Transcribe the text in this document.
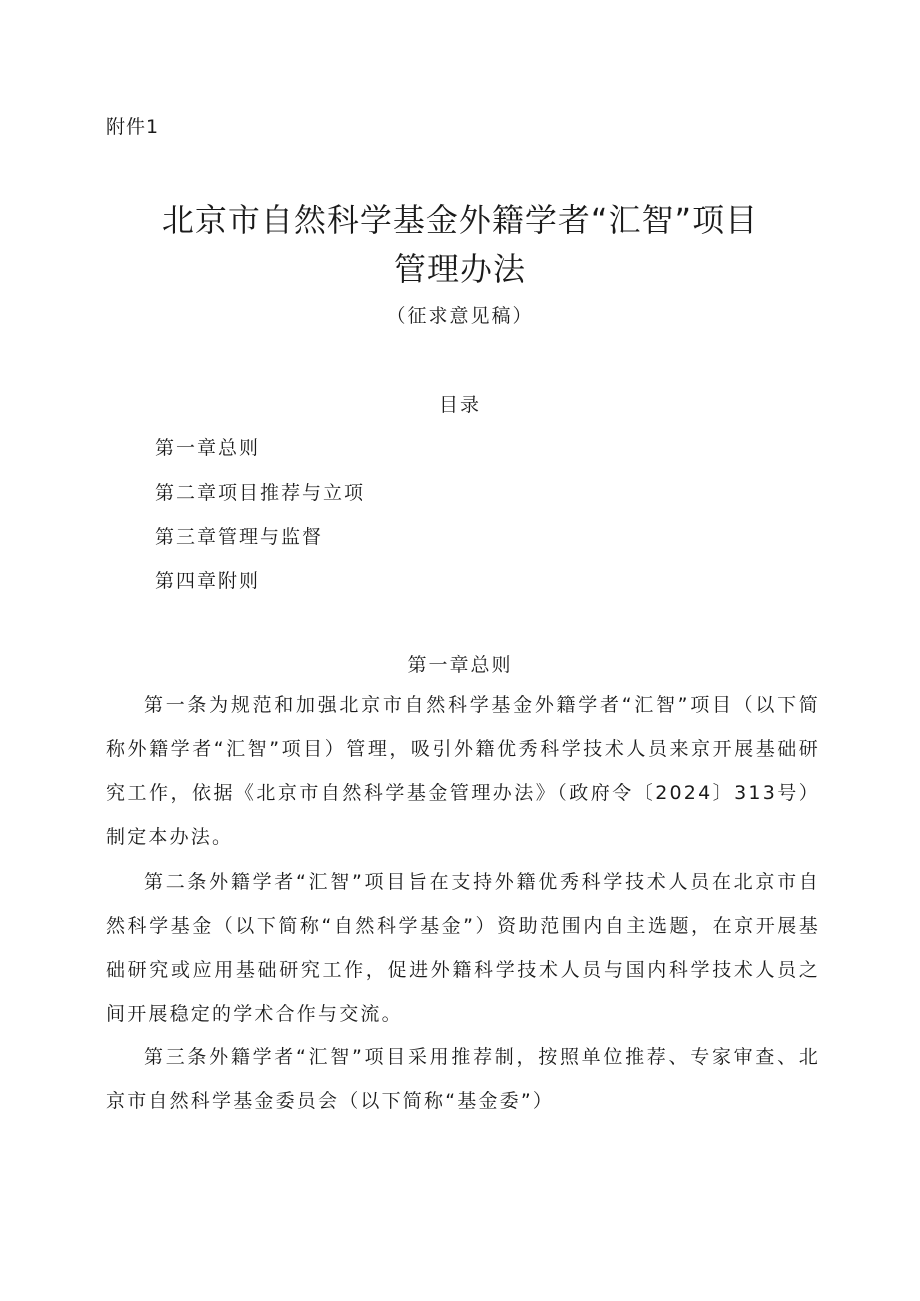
附件1
北京市自然科学基金外籍学者“汇智”项目
管理办法
（征求意见稿）
目录
第一章总则
第二章项目推荐与立项
第三章管理与监督
第四章附则
第一章总则

第一条为规范和加强北京市自然科学基金外籍学者“汇智”项目（以下简称外籍学者“汇智”项目）管理，吸引外籍优秀科学技术人员来京开展基础研究工作，依据《北京市自然科学基金管理办法》（政府令〔2024〕313号）制定本办法。

第二条外籍学者“汇智”项目旨在支持外籍优秀科学技术人员在北京市自然科学基金（以下简称“自然科学基金”）资助范围内自主选题，在京开展基础研究或应用基础研究工作，促进外籍科学技术人员与国内科学技术人员之间开展稳定的学术合作与交流。

第三条外籍学者“汇智”项目采用推荐制，按照单位推荐、专家审查、北京市自然科学基金委员会（以下简称“基金委”）
